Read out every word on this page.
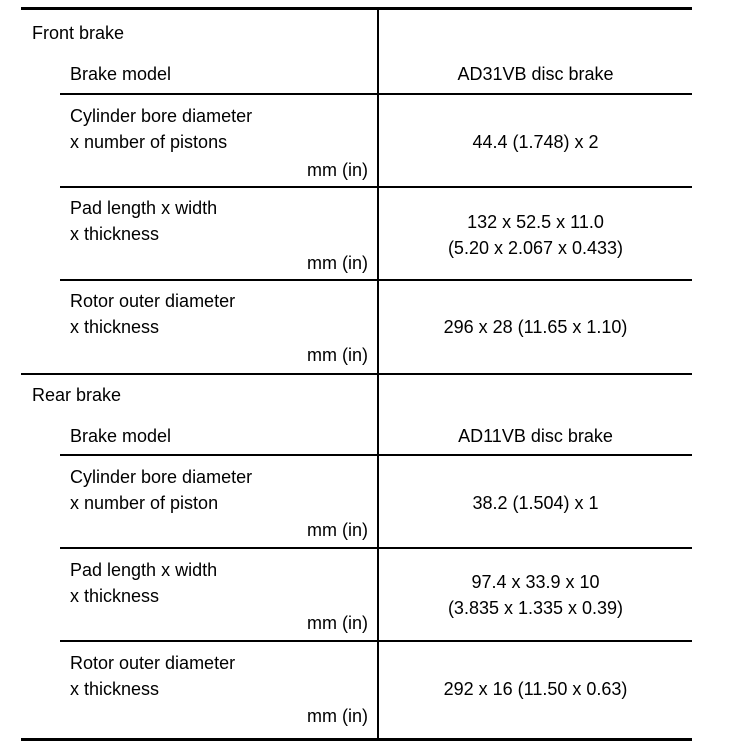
Front brake
Brake model	AD31VB disc brake
Cylinder bore diameter
x number of pistons
mm (in)
44.4 (1.748) x 2
Pad length x width
x thickness
mm (in)
132 x 52.5 x 11.0
(5.20 x 2.067 x 0.433)
Rotor outer diameter
x thickness
mm (in)
296 x 28 (11.65 x 1.10)
Rear brake
Brake model	AD11VB disc brake
Cylinder bore diameter
x number of piston
mm (in)
38.2 (1.504) x 1
Pad length x width
x thickness
mm (in)
97.4 x 33.9 x 10
(3.835 x 1.335 x 0.39)
Rotor outer diameter
x thickness
mm (in)
292 x 16 (11.50 x 0.63)
